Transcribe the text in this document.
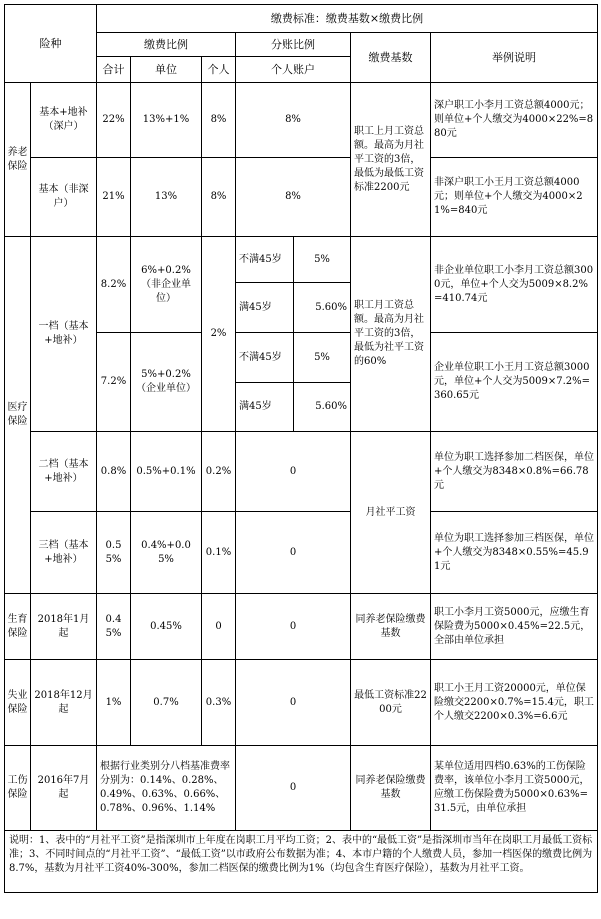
险种		缴费标准：缴费基数×缴费比例						
		缴费比例			分账比例		缴费基数	举例说明
		合计	单位	个人	个人账户			
养老保险	基本+地补（深户）	22%	13%+1%	8%	8%		职工上月工资总额。最高为月社平工资的3倍，最低为最低工资标准2200元	深户职工小李月工资总额4000元；则单位+个人缴交为4000×22%=880元
	基本（非深户）	21%	13%	8%	8%			非深户职工小王月工资总额4000元；则单位+个人缴交为4000×21%=840元
医疗保险	一档（基本+地补）	8.2%	6%+0.2%（非企业单位）	2%	不满45岁	5%	职工月工资总额。最高为月社平工资的3倍，最低为社平工资的60%	非企业单位职工小李月工资总额3000元，单位+个人交为5009×8.2%=410.74元
					满45岁	5.60%		
		7.2%	5%+0.2%（企业单位）		不满45岁	5%		企业单位职工小王月工资总额3000元，单位+个人交为5009×7.2%=360.65元
					满45岁	5.60%		
	二档（基本+地补）	0.8%	0.5%+0.1%	0.2%	0		月社平工资	单位为职工选择参加二档医保，单位+个人缴交为8348×0.8%=66.78元
	三档（基本+地补）	0.55%	0.4%+0.05%	0.1%	0			单位为职工选择参加三档医保，单位+个人缴交为8348×0.55%=45.91元
生育保险	2018年1月起	0.45%	0.45%	0	0		同养老保险缴费基数	职工小李月工资5000元，应缴生育保险费为5000×0.45%=22.5元，全部由单位承担
失业保险	2018年12月起	1%	0.7%	0.3%	0		最低工资标准2200元	职工小王月工资20000元，单位保险缴交2200×0.7%=15.4元，职工个人缴交2200×0.3%=6.6元
工伤保险	2016年7月起	根据行业类别分八档基准费率分别为：0.14%、0.28%、0.49%、0.63%、0.66%、0.78%、0.96%、1.14%			0		同养老保险缴费基数	某单位适用四档0.63%的工伤保险费率，该单位小李月工资5000元，应缴工伤保险费为5000×0.63%=31.5元，由单位承担
说明：1、表中的“月社平工资”是指深圳市上年度在岗职工月平均工资；2、表中的“最低工资”是指深圳市当年在岗职工月最低工资标准；3、不同时间点的“月社平工资”、“最低工资”以市政府公布数据为准；4、本市户籍的个人缴费人员，参加一档医保的缴费比例为8.7%，基数为月社平工资40%-300%，参加二档医保的缴费比例为1%（均包含生育医疗保险），基数为月社平工资。								
